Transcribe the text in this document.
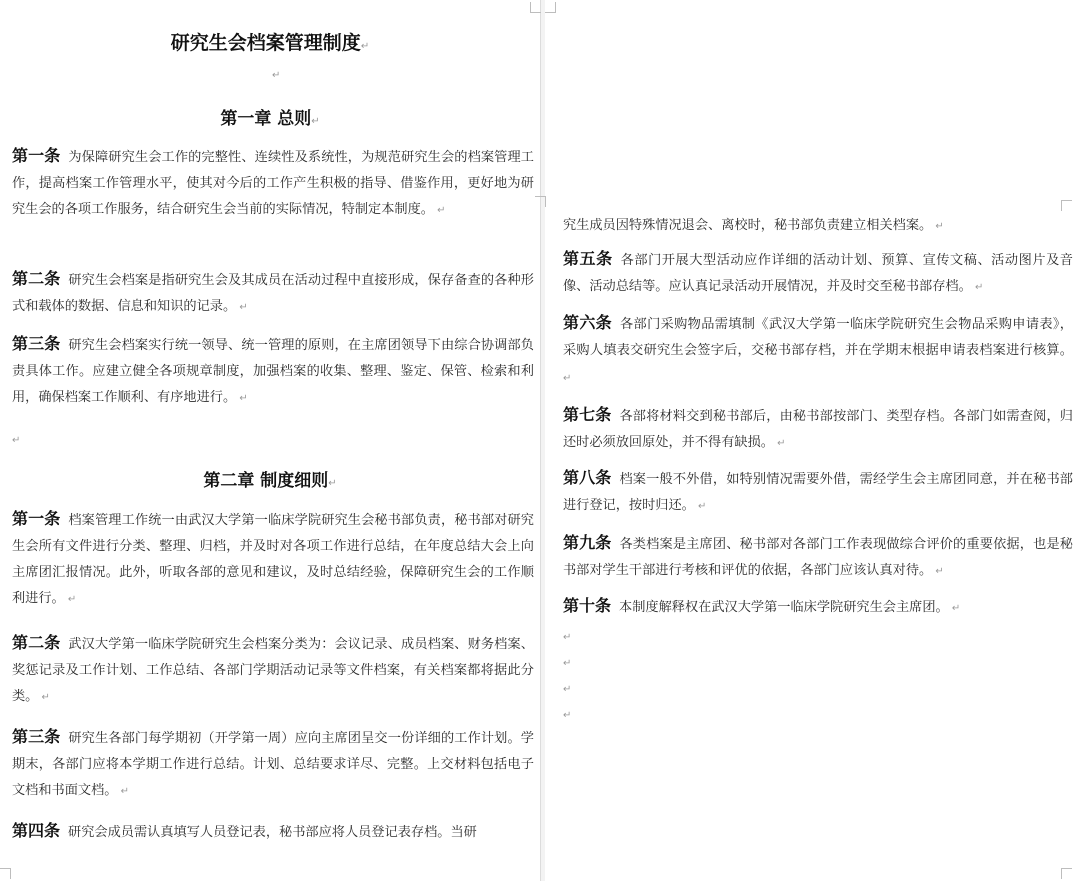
研究生会档案管理制度↵
↵
第一章 总则↵
第一条 为保障研究生会工作的完整性、连续性及系统性，为规范研究生会的档案管理工作，提高档案工作管理水平，使其对今后的工作产生积极的指导、借鉴作用，更好地为研究生会的各项工作服务，结合研究生会当前的实际情况，特制定本制度。 ↵
第二条 研究生会档案是指研究生会及其成员在活动过程中直接形成，保存备查的各种形式和载体的数据、信息和知识的记录。 ↵
第三条 研究生会档案实行统一领导、统一管理的原则，在主席团领导下由综合协调部负责具体工作。应建立健全各项规章制度，加强档案的收集、整理、鉴定、保管、检索和利用，确保档案工作顺利、有序地进行。 ↵
↵
第二章 制度细则↵
第一条 档案管理工作统一由武汉大学第一临床学院研究生会秘书部负责，秘书部对研究生会所有文件进行分类、整理、归档，并及时对各项工作进行总结，在年度总结大会上向主席团汇报情况。此外，听取各部的意见和建议，及时总结经验，保障研究生会的工作顺利进行。 ↵
第二条 武汉大学第一临床学院研究生会档案分类为：会议记录、成员档案、财务档案、奖惩记录及工作计划、工作总结、各部门学期活动记录等文件档案，有关档案都将据此分类。 ↵
第三条 研究生各部门每学期初（开学第一周）应向主席团呈交一份详细的工作计划。学期末，各部门应将本学期工作进行总结。计划、总结要求详尽、完整。上交材料包括电子文档和书面文档。 ↵
第四条 研究会成员需认真填写人员登记表，秘书部应将人员登记表存档。当研
究生成员因特殊情况退会、离校时，秘书部负责建立相关档案。 ↵
第五条 各部门开展大型活动应作详细的活动计划、预算、宣传文稿、活动图片及音像、活动总结等。应认真记录活动开展情况，并及时交至秘书部存档。 ↵
第六条 各部门采购物品需填制《武汉大学第一临床学院研究生会物品采购申请表》，采购人填表交研究生会签字后，交秘书部存档，并在学期末根据申请表档案进行核算。 ↵
第七条 各部将材料交到秘书部后，由秘书部按部门、类型存档。各部门如需查阅，归还时必须放回原处，并不得有缺损。 ↵
第八条 档案一般不外借，如特别情况需要外借，需经学生会主席团同意，并在秘书部进行登记，按时归还。 ↵
第九条 各类档案是主席团、秘书部对各部门工作表现做综合评价的重要依据，也是秘书部对学生干部进行考核和评优的依据，各部门应该认真对待。 ↵
第十条 本制度解释权在武汉大学第一临床学院研究生会主席团。 ↵
↵
↵
↵
↵
